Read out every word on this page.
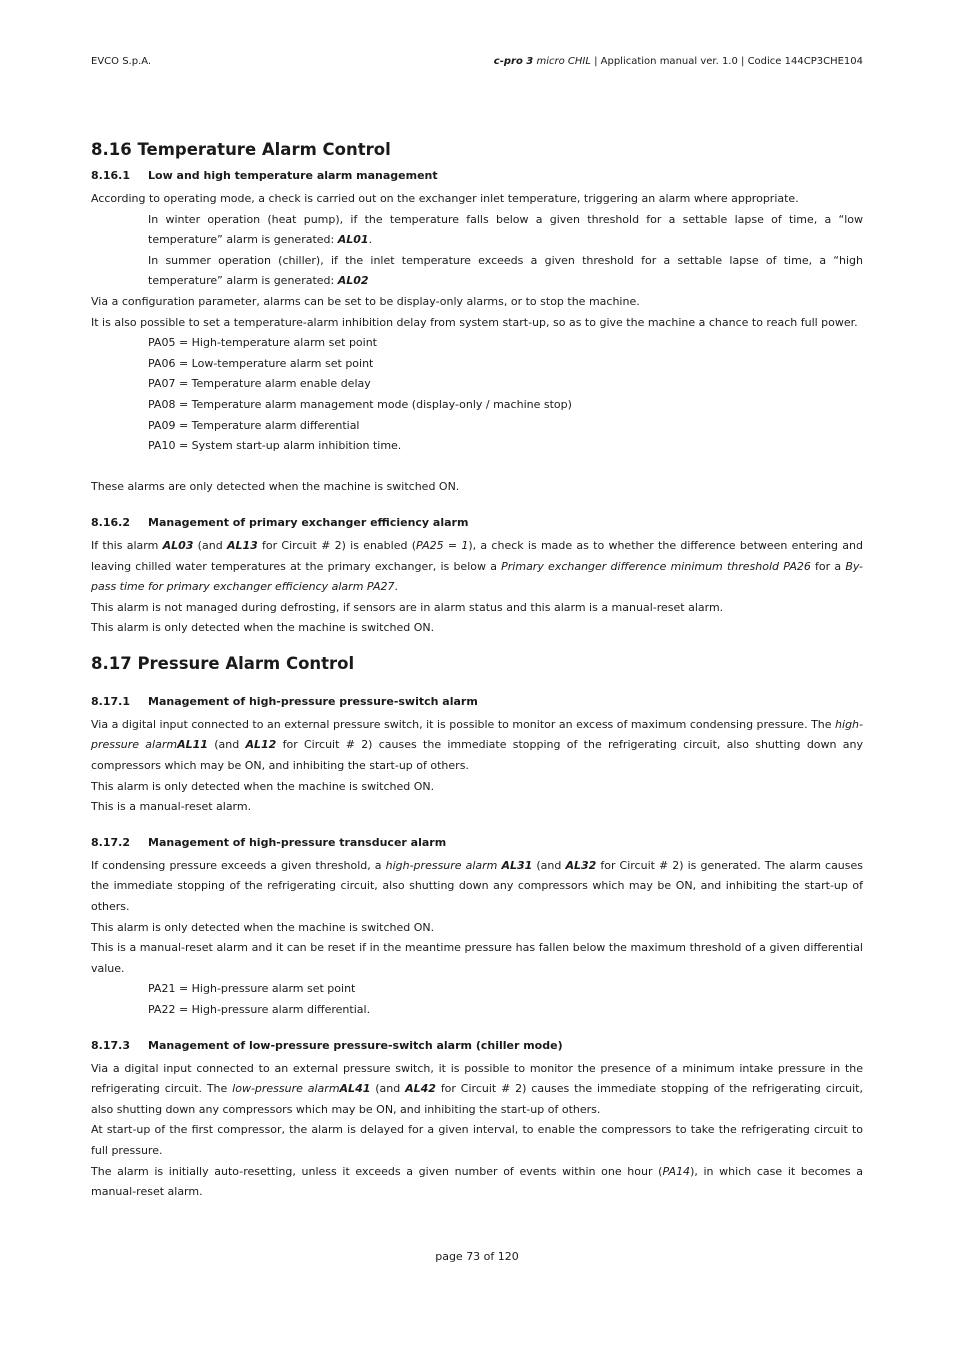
EVCO S.p.A.	c-pro 3 micro CHIL | Application manual ver. 1.0 | Codice 144CP3CHE104
8.16 Temperature Alarm Control
8.16.1 Low and high temperature alarm management

According to operating mode, a check is carried out on the exchanger inlet temperature, triggering an alarm where appropriate.

In winter operation (heat pump), if the temperature falls below a given threshold for a settable lapse of time, a “low temperature” alarm is generated: AL01.

In summer operation (chiller), if the inlet temperature exceeds a given threshold for a settable lapse of time, a “high temperature” alarm is generated: AL02

Via a configuration parameter, alarms can be set to be display-only alarms, or to stop the machine.

It is also possible to set a temperature-alarm inhibition delay from system start-up, so as to give the machine a chance to reach full power.

PA05 = High-temperature alarm set point

PA06 = Low-temperature alarm set point

PA07 = Temperature alarm enable delay

PA08 = Temperature alarm management mode (display-only / machine stop)

PA09 = Temperature alarm differential

PA10 = System start-up alarm inhibition time.

These alarms are only detected when the machine is switched ON.

8.16.2 Management of primary exchanger efficiency alarm

If this alarm AL03 (and AL13 for Circuit # 2) is enabled (PA25 = 1), a check is made as to whether the difference between entering and leaving chilled water temperatures at the primary exchanger, is below a Primary exchanger difference minimum threshold PA26 for a By-pass time for primary exchanger efficiency alarm PA27.

This alarm is not managed during defrosting, if sensors are in alarm status and this alarm is a manual-reset alarm.

This alarm is only detected when the machine is switched ON.

8.17 Pressure Alarm Control
8.17.1 Management of high-pressure pressure-switch alarm

Via a digital input connected to an external pressure switch, it is possible to monitor an excess of maximum condensing pressure. The high-pressure alarmAL11 (and AL12 for Circuit # 2) causes the immediate stopping of the refrigerating circuit, also shutting down any compressors which may be ON, and inhibiting the start-up of others.

This alarm is only detected when the machine is switched ON.

This is a manual-reset alarm.

8.17.2 Management of high-pressure transducer alarm

If condensing pressure exceeds a given threshold, a high-pressure alarm AL31 (and AL32 for Circuit # 2) is generated. The alarm causes the immediate stopping of the refrigerating circuit, also shutting down any compressors which may be ON, and inhibiting the start-up of others.

This alarm is only detected when the machine is switched ON.

This is a manual-reset alarm and it can be reset if in the meantime pressure has fallen below the maximum threshold of a given differential value.

PA21 = High-pressure alarm set point

PA22 = High-pressure alarm differential.

8.17.3 Management of low-pressure pressure-switch alarm (chiller mode)

Via a digital input connected to an external pressure switch, it is possible to monitor the presence of a minimum intake pressure in the refrigerating circuit. The low-pressure alarmAL41 (and AL42 for Circuit # 2) causes the immediate stopping of the refrigerating circuit, also shutting down any compressors which may be ON, and inhibiting the start-up of others.

At start-up of the first compressor, the alarm is delayed for a given interval, to enable the compressors to take the refrigerating circuit to full pressure.

The alarm is initially auto-resetting, unless it exceeds a given number of events within one hour (PA14), in which case it becomes a manual-reset alarm.

page 73 of 120
